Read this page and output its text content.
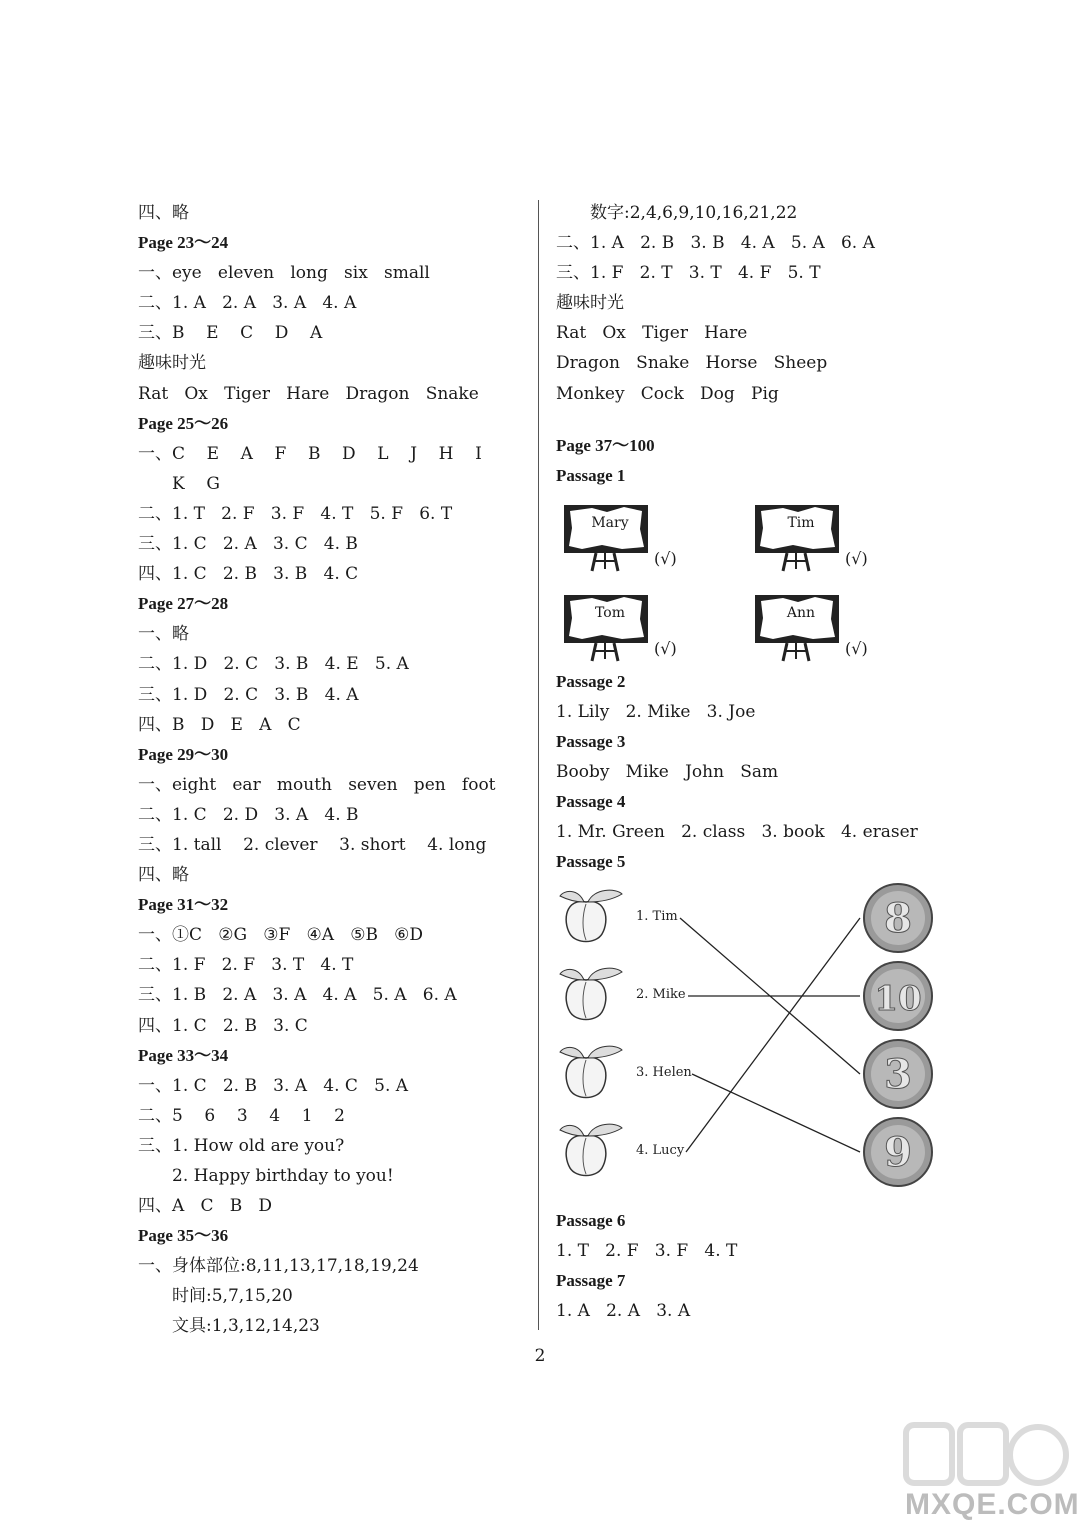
四、略
Page 23～24
一、eye   eleven   long   six   small
二、1. A   2. A   3. A   4. A
三、B    E    C    D    A
趣味时光
Rat   Ox   Tiger   Hare   Dragon   Snake
Page 25～26
一、C    E    A    F    B    D    L    J    H    I
K    G
二、1. T   2. F   3. F   4. T   5. F   6. T
三、1. C   2. A   3. C   4. B
四、1. C   2. B   3. B   4. C
Page 27～28
一、略
二、1. D   2. C   3. B   4. E   5. A
三、1. D   2. C   3. B   4. A
四、B   D   E   A   C
Page 29～30
一、eight   ear   mouth   seven   pen   foot
二、1. C   2. D   3. A   4. B
三、1. tall    2. clever    3. short    4. long
四、略
Page 31～32
一、①C   ②G   ③F   ④A   ⑤B   ⑥D
二、1. F   2. F   3. T   4. T
三、1. B   2. A   3. A   4. A   5. A   6. A
四、1. C   2. B   3. C
Page 33～34
一、1. C   2. B   3. A   4. C   5. A
二、5    6    3    4    1    2
三、1. How old are you?
2. Happy birthday to you!
四、A   C   B   D
Page 35～36
一、身体部位:8,11,13,17,18,19,24
时间:5,7,15,20
文具:1,3,12,14,23
数字:2,4,6,9,10,16,21,22
二、1. A   2. B   3. B   4. A   5. A   6. A
三、1. F   2. T   3. T   4. F   5. T
趣味时光
Rat   Ox   Tiger   Hare
Dragon   Snake   Horse   Sheep
Monkey   Cock   Dog   Pig
Page 37～100
Passage 1
Mary
(√)
Tim
(√)
Tom
(√)
Ann
(√)
Passage 2
1. Lily   2. Mike   3. Joe
Passage 3
Booby   Mike   John   Sam
Passage 4
1. Mr. Green   2. class   3. book   4. eraser
Passage 5
1. Tim	8
2. Mike	10
3. Helen	3
4. Lucy	9
Passage 6
1. T   2. F   3. F   4. T
Passage 7
1. A   2. A   3. A
2
MXQE.COM
